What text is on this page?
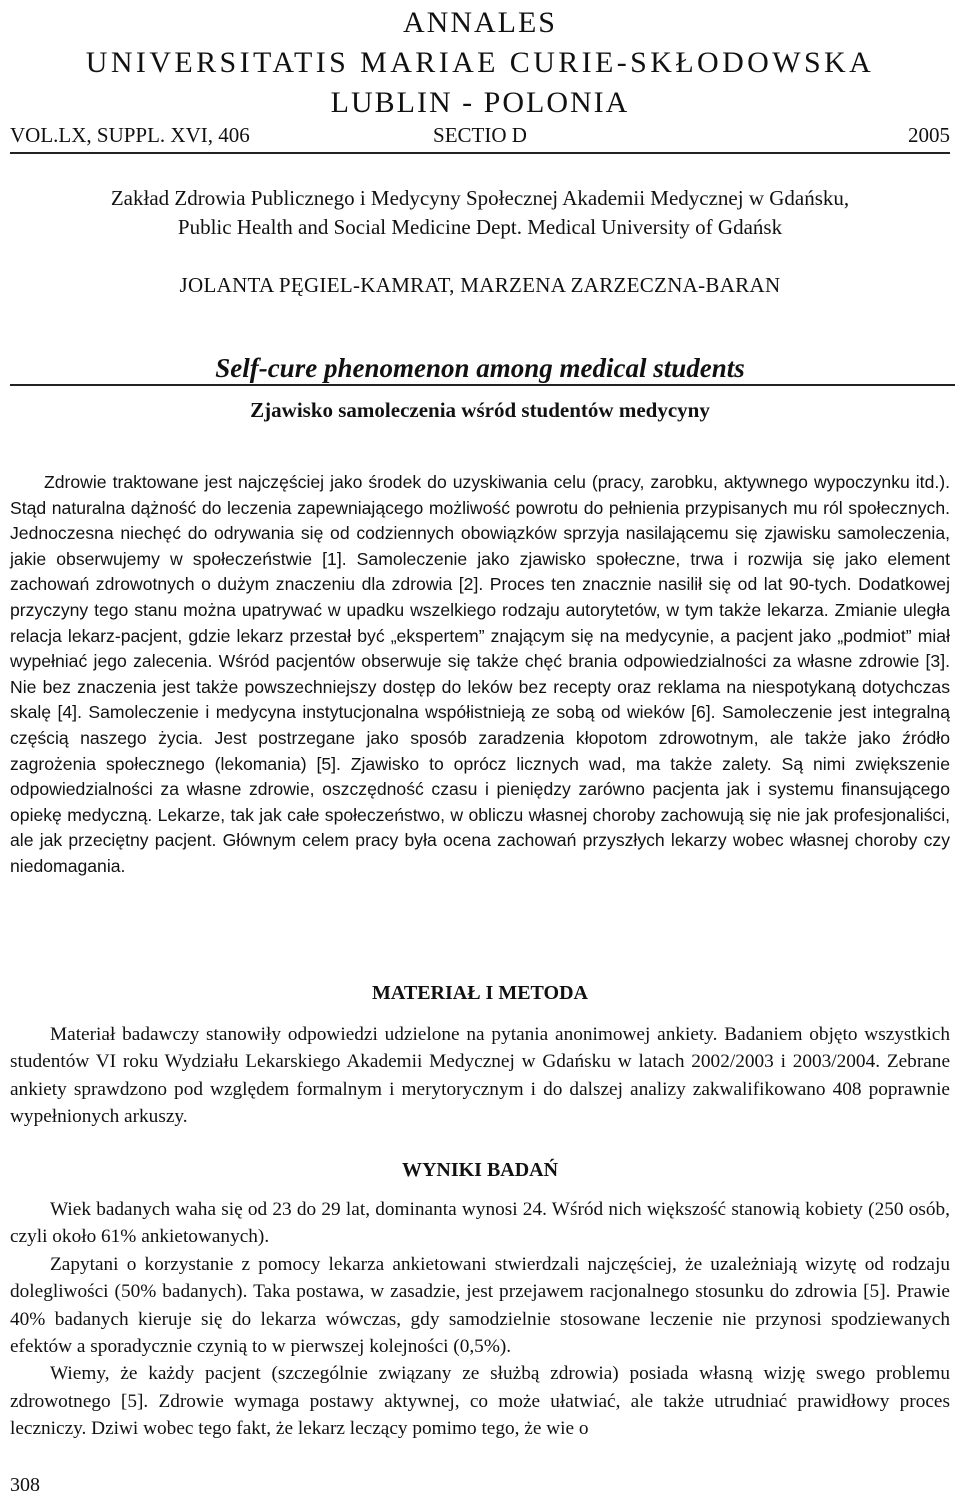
ANNALES
UNIVERSITATIS MARIAE CURIE-SKŁODOWSKA
LUBLIN - POLONIA
VOL.LX, SUPPL. XVI, 406	SECTIO D	2005
Zakład Zdrowia Publicznego i Medycyny Społecznej Akademii Medycznej w Gdańsku,
Public Health and Social Medicine Dept. Medical University of Gdańsk
JOLANTA PĘGIEL-KAMRAT, MARZENA ZARZECZNA-BARAN
Self-cure phenomenon among medical students
Zjawisko samoleczenia wśród studentów medycyny
Zdrowie traktowane jest najczęściej jako środek do uzyskiwania celu (pracy, zarobku, aktywnego wypoczynku itd.). Stąd naturalna dążność do leczenia zapewniającego możliwość powrotu do pełnienia przypisanych mu ról społecznych. Jednoczesna niechęć do odrywania się od codziennych obowiązków sprzyja nasilającemu się zjawisku samoleczenia, jakie obserwujemy w społeczeństwie [1]. Samoleczenie jako zjawisko społeczne, trwa i rozwija się jako element zachowań zdrowotnych o dużym znaczeniu dla zdrowia [2]. Proces ten znacznie nasilił się od lat 90-tych. Dodatkowej przyczyny tego stanu można upatrywać w upadku wszelkiego rodzaju autorytetów, w tym także lekarza. Zmianie uległa relacja lekarz-pacjent, gdzie lekarz przestał być „ekspertem” znającym się na medycynie, a pacjent jako „podmiot” miał wypełniać jego zalecenia. Wśród pacjentów obserwuje się także chęć brania odpowiedzialności za własne zdrowie [3]. Nie bez znaczenia jest także powszechniejszy dostęp do leków bez recepty oraz reklama na niespotykaną dotychczas skalę [4]. Samoleczenie i medycyna instytucjonalna współistnieją ze sobą od wieków [6]. Samoleczenie jest integralną częścią naszego życia. Jest postrzegane jako sposób zaradzenia kłopotom zdrowotnym, ale także jako źródło zagrożenia społecznego (lekomania) [5]. Zjawisko to oprócz licznych wad, ma także zalety. Są nimi zwiększenie odpowiedzialności za własne zdrowie, oszczędność czasu i pieniędzy zarówno pacjenta jak i systemu finansującego opiekę medyczną. Lekarze, tak jak całe społeczeństwo, w obliczu własnej choroby zachowują się nie jak profesjonaliści, ale jak przeciętny pacjent. Głównym celem pracy była ocena zachowań przyszłych lekarzy wobec własnej choroby czy niedomagania.
MATERIAŁ I METODA

Materiał badawczy stanowiły odpowiedzi udzielone na pytania anonimowej ankiety. Badaniem objęto wszystkich studentów VI roku Wydziału Lekarskiego Akademii Medycznej w Gdańsku w latach 2002/2003 i 2003/2004. Zebrane ankiety sprawdzono pod względem formalnym i merytorycznym i do dalszej analizy zakwalifikowano 408 poprawnie wypełnionych arkuszy.

WYNIKI BADAŃ

Wiek badanych waha się od 23 do 29 lat, dominanta wynosi 24. Wśród nich większość stanowią kobiety (250 osób, czyli około 61% ankietowanych).

Zapytani o korzystanie z pomocy lekarza ankietowani stwierdzali najczęściej, że uzależniają wizytę od rodzaju dolegliwości (50% badanych). Taka postawa, w zasadzie, jest przejawem racjonalnego stosunku do zdrowia [5]. Prawie 40% badanych kieruje się do lekarza wówczas, gdy samodzielnie stosowane leczenie nie przynosi spodziewanych efektów a sporadycznie czynią to w pierwszej kolejności (0,5%).

Wiemy, że każdy pacjent (szczególnie związany ze służbą zdrowia) posiada własną wizję swego problemu zdrowotnego [5]. Zdrowie wymaga postawy aktywnej, co może ułatwiać, ale także utrudniać prawidłowy proces leczniczy. Dziwi wobec tego fakt, że lekarz leczący pomimo tego, że wie o

308
